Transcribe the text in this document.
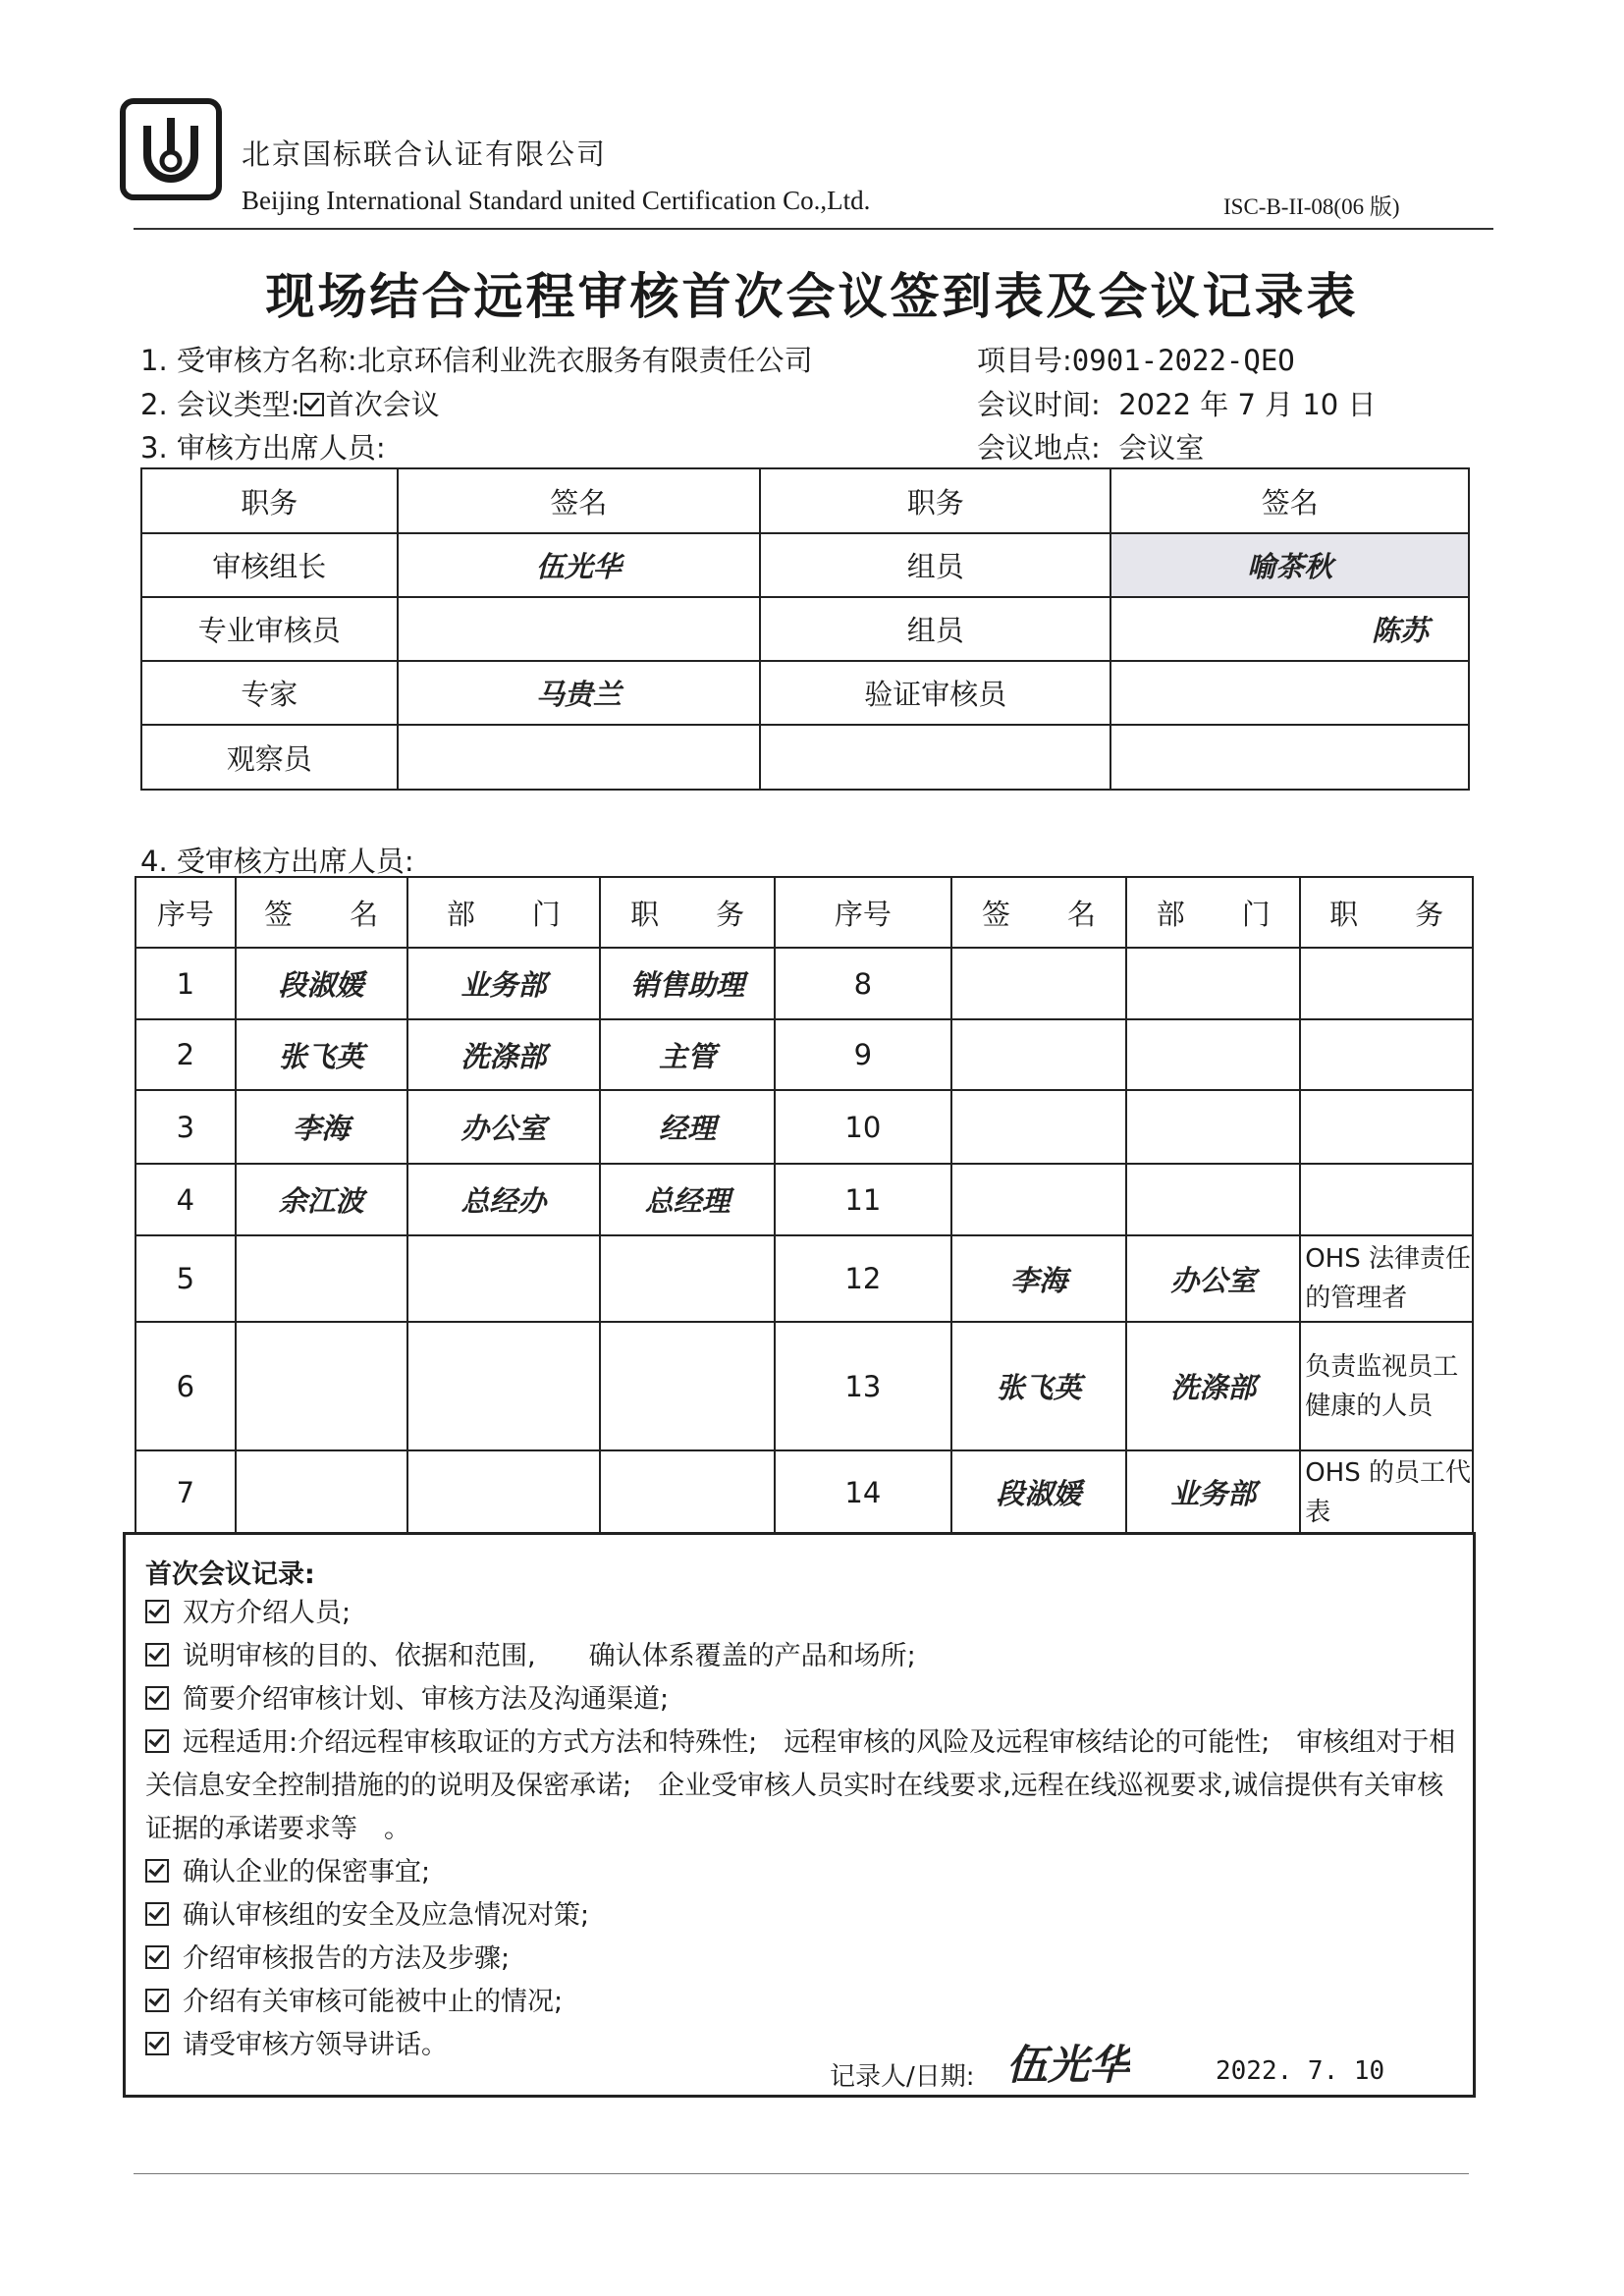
北京国标联合认证有限公司
Beijing International Standard united Certification Co.,Ltd.	ISC-B-II-08(06 版)
现场结合远程审核首次会议签到表及会议记录表
1. 受审核方名称:北京环信利业洗衣服务有限责任公司	项目号:0901-2022-QEO
2. 会议类型: 首次会议	会议时间: 2022 年 7 月 10 日
3. 审核方出席人员:	会议地点: 会议室
职务	签名	职务	签名
审核组长	伍光华	组员	喻茶秋
专业审核员		组员	陈苏
专家	马贵兰	验证审核员	
观察员			
4. 受审核方出席人员:
序号	签　　名	部　　门	职　　务	序号	签　　名	部　　门	职　　务
1	段淑媛	业务部	销售助理	8			
2	张飞英	洗涤部	主管	9			
3	李海	办公室	经理	10			
4	余江波	总经办	总经理	11			
5				12	李海	办公室	OHS 法律责任的管理者
6				13	张飞英	洗涤部	负责监视员工健康的人员
7				14	段淑媛	业务部	OHS 的员工代表
首次会议记录:
双方介绍人员;
说明审核的目的、依据和范围,　　确认体系覆盖的产品和场所;
简要介绍审核计划、审核方法及沟通渠道;
远程适用:介绍远程审核取证的方式方法和特殊性;　远程审核的风险及远程审核结论的可能性;　审核组对于相关信息安全控制措施的的说明及保密承诺;　企业受审核人员实时在线要求,远程在线巡视要求,诚信提供有关审核证据的承诺要求等　。
确认企业的保密事宜;
确认审核组的安全及应急情况对策;
介绍审核报告的方法及步骤;
介绍有关审核可能被中止的情况;
请受审核方领导讲话。
记录人/日期: 伍光华	2022. 7. 10
